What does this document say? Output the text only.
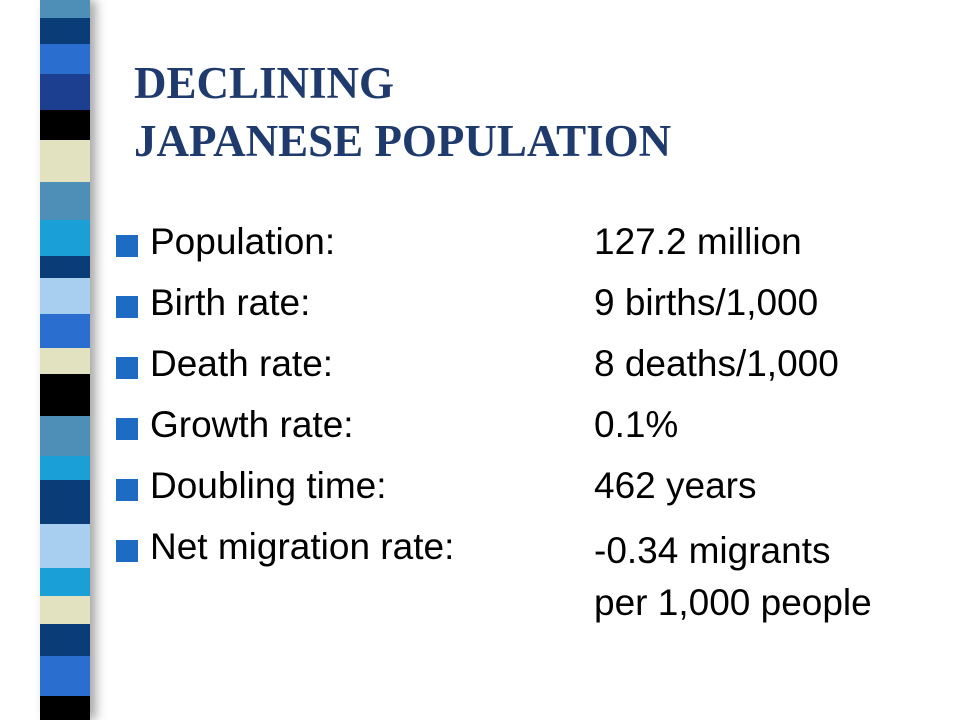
DECLINING
JAPANESE POPULATION
Population:	127.2 million
Birth rate:	9 births/1,000
Death rate:	8 deaths/1,000
Growth rate:	0.1%
Doubling time:	462 years
Net migration rate:	-0.34 migrants
per 1,000 people
